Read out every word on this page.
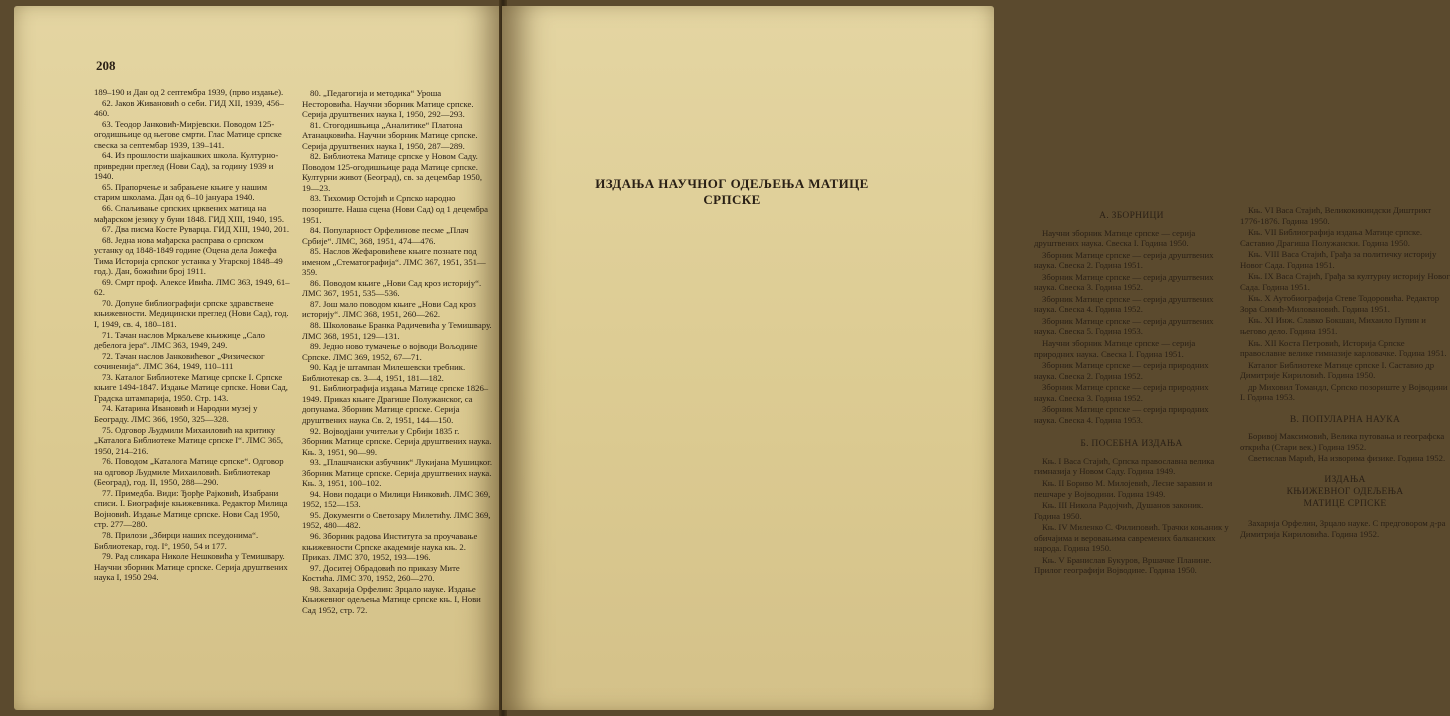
208

189–190 и Дан од 2 септембра 1939, (прво издање).

62. Јаков Живановић о себи. ГИД XII, 1939, 456–460.

63. Теодор Јанковић-Мирјевски. Поводом 125-огодишњице од његове смрти. Глас Матице српске свеска за септембар 1939, 139–141.

64. Из прошлости шајкашких школа. Културно-привредни преглед (Нови Сад), за годину 1939 и 1940.

65. Прапорчење и забрањене књиге у нашим старим школама. Дан од 6–10 јануара 1940.

66. Спаљивање српских црквених матица на мађарском језику у буни 1848. ГИД XIII, 1940, 195.

67. Два писма Косте Руварца. ГИД XIII, 1940, 201.

68. Једна нова мађарска расправа о српском устанку од 1848-1849 године (Оцена дела Јожефа Тима Историја српског устанка у Угарској 1848–49 год.). Дан, божићни број 1911.

69. Смрт проф. Алексе Ивића. ЛМС 363, 1949, 61–62.

70. Допуне библиографији српске здравствене књижевности. Медицински преглед (Нови Сад), год. I, 1949, св. 4, 180–181.

71. Тачан наслов Мркаљеве књижице „Сало дебелога јера“. ЛМС 363, 1949, 249.

72. Тачан наслов Јанковићевог „Физическог сочиненија“. ЛМС 364, 1949, 110–111

73. Каталог Библиотеке Матице српске I. Српске књиге 1494-1847. Издање Матице српске. Нови Сад, Градска штампарија, 1950. Стр. 143.

74. Катарина Ивановић и Народни музеј у Београду. ЛМС 366, 1950, 325—328.

75. Одговор Људмили Михаиловић на критику „Каталога Библиотеке Матице српске I“. ЛМС 365, 1950, 214–216.

76. Поводом „Каталога Матице српске“. Одговор на одговор Људмиле Михаиловић. Библиотекар (Београд), год. II, 1950, 288—290.

77. Примедба. Види: Ђорђе Рајковић, Изабрани списи. I. Биографије књижевника. Редактор Милица Војновић. Издање Матице српске. Нови Сад 1950, стр. 277—280.

78. Прилози „Збирци наших псеудонима“. Библиотекар, год. I°, 1950, 54 и 177.

79. Рад сликара Николе Нешковића у Темишвару. Научни зборник Матице српске. Серија друштвених наука I, 1950 294.

80. „Педагогија и методика“ Уроша Несторовића. Научни зборник Матице српске. Серија друштвених наука I, 1950, 292—293.

81. Стогодишњица „Аналитике“ Платона Атанацковића. Научни зборник Матице српске. Серија друштвених наука I, 1950, 287—289.

82. Библиотека Матице српске у Новом Саду. Поводом 125-огодишњице рада Матице српске. Културни живот (Београд), св. за децембар 1950, 19—23.

83. Тихомир Остојић и Српско народно позориште. Наша сцена (Нови Сад) од 1 децембра 1951.

84. Популарност Орфелинове песме „Плач Србије“. ЛМС, 368, 1951, 474—476.

85. Наслов Жефаровићеве књиге познате под именом „Стематографија“. ЛМС 367, 1951, 351—359.

86. Поводом књиге „Нови Сад кроз историју“. ЛМС 367, 1951, 535—536.

87. Још мало поводом књиге „Нови Сад кроз историју“. ЛМС 368, 1951, 260—262.

88. Школовање Бранка Радичевића у Темишвару. ЛМС 368, 1951, 129—131.

89. Једно ново тумачење о војводи Вољодине Српске. ЛМС 369, 1952, 67—71.

90. Кад је штампан Милешевски требник. Библиотекар св. 3—4, 1951, 181—182.

91. Библиографија издања Матице српске 1826–1949. Приказ књиге Драгише Полужанског, са допунама. Зборник Матице српске. Серија друштвених наука Св. 2, 1951, 144—150.

92. Војводјани учитељи у Србији 1835 г. Зборник Матице српске. Серија друштвених наука. Књ. 3, 1951, 90—99.

93. „Плашчански азбучник“ Лукијана Мушицког. Зборник Матице српске. Серија друштвених наука. Књ. 3, 1951, 100–102.

94. Нови подаци о Милици Нинковић. ЛМС 369, 1952, 152—153.

95. Документи о Светозару Милетићу. ЛМС 369, 1952, 480—482.

96. Зборник радова Института за проучавање књижевности Српске академије наука књ. 2. Приказ. ЛМС 370, 1952, 193—196.

97. Доситеј Обрадовић по приказу Мите Костића. ЛМС 370, 1952, 260—270.

98. Захарија Орфелин: Зрцало науке. Издање Књижевног одељења Матице српске књ. I, Нови Сад 1952, стр. 72.

ИЗДАЊА НАУЧНОГ ОДЕЉЕЊА МАТИЦЕ СРПСКЕ
А. ЗБОРНИЦИ

Научни зборник Матице српске — серија друштвених наука. Свеска I. Година 1950.

Зборник Матице српске — серија друштвених наука. Свеска 2. Година 1951.

Зборник Матице српске — серија друштвених наука. Свеска 3. Година 1952.

Зборник Матице српске — серија друштвених наука. Свеска 4. Година 1952.

Зборник Матице српске — серија друштвених наука. Свеска 5. Година 1953.

Научни зборник Матице српске — серија природних наука. Свеска I. Година 1951.

Зборник Матице српске — серија природних наука. Свеска 2. Година 1952.

Зборник Матице српске — серија природних наука. Свеска 3. Година 1952.

Зборник Матице српске — серија природних наука. Свеска 4. Година 1953.

Б. ПОСЕБНА ИЗДАЊА

Књ. I Васа Стајић, Српска православна велика гимназија у Новом Саду. Година 1949.

Књ. II Бориво М. Милојевић, Лесне заравни и пешчаре у Војводини. Година 1949.

Књ. III Никола Радојчић, Душанов законик. Година 1950.

Књ. IV Миленко С. Филиповић. Трачки коњаник у обичајима и веровањима савремених балканских народа. Година 1950.

Књ. V Бранислав Букуров, Вршачке Планине. Прилог географији Војводине. Година 1950.

Књ. VI Васа Стајић, Великокикиндски Диштрикт 1776-1876. Година 1950.

Књ. VII Библиографија издања Матице српске. Саставио Драгиша Полужански. Година 1950.

Књ. VIII Васа Стајић, Грађа за политичку историју Новог Сада. Година 1951.

Књ. IX Васа Стајић, Грађа за културну историју Новог Сада. Година 1951.

Књ. X Аутобиографија Стеве Тодоровића. Редактор Зора Симић-Миловановић. Година 1951.

Књ. XI Инж. Славко Бокшан, Михаило Пупин и његово дело. Година 1951.

Књ. XII Коста Петровић, Историја Српске православне велике гимназије карловачке. Година 1951.

Каталог Библиотеке Матице српске I. Саставио др Димитрије Кириловић. Година 1950.

др Миховил Томандл, Српско позориште у Војводини I. Година 1953.

В. ПОПУЛАРНА НАУКА

Боривој Максимовић, Велика путовања и географска открића (Стари век.) Година 1952.

Светислав Марић, На изворима физике. Година 1952.

ИЗДАЊА
КЊИЖЕВНОГ ОДЕЉЕЊА
МАТИЦЕ СРПСКЕ

Захарија Орфелин, Зрцало науке. С предговором д-ра Димитрија Кириловића. Година 1952.
